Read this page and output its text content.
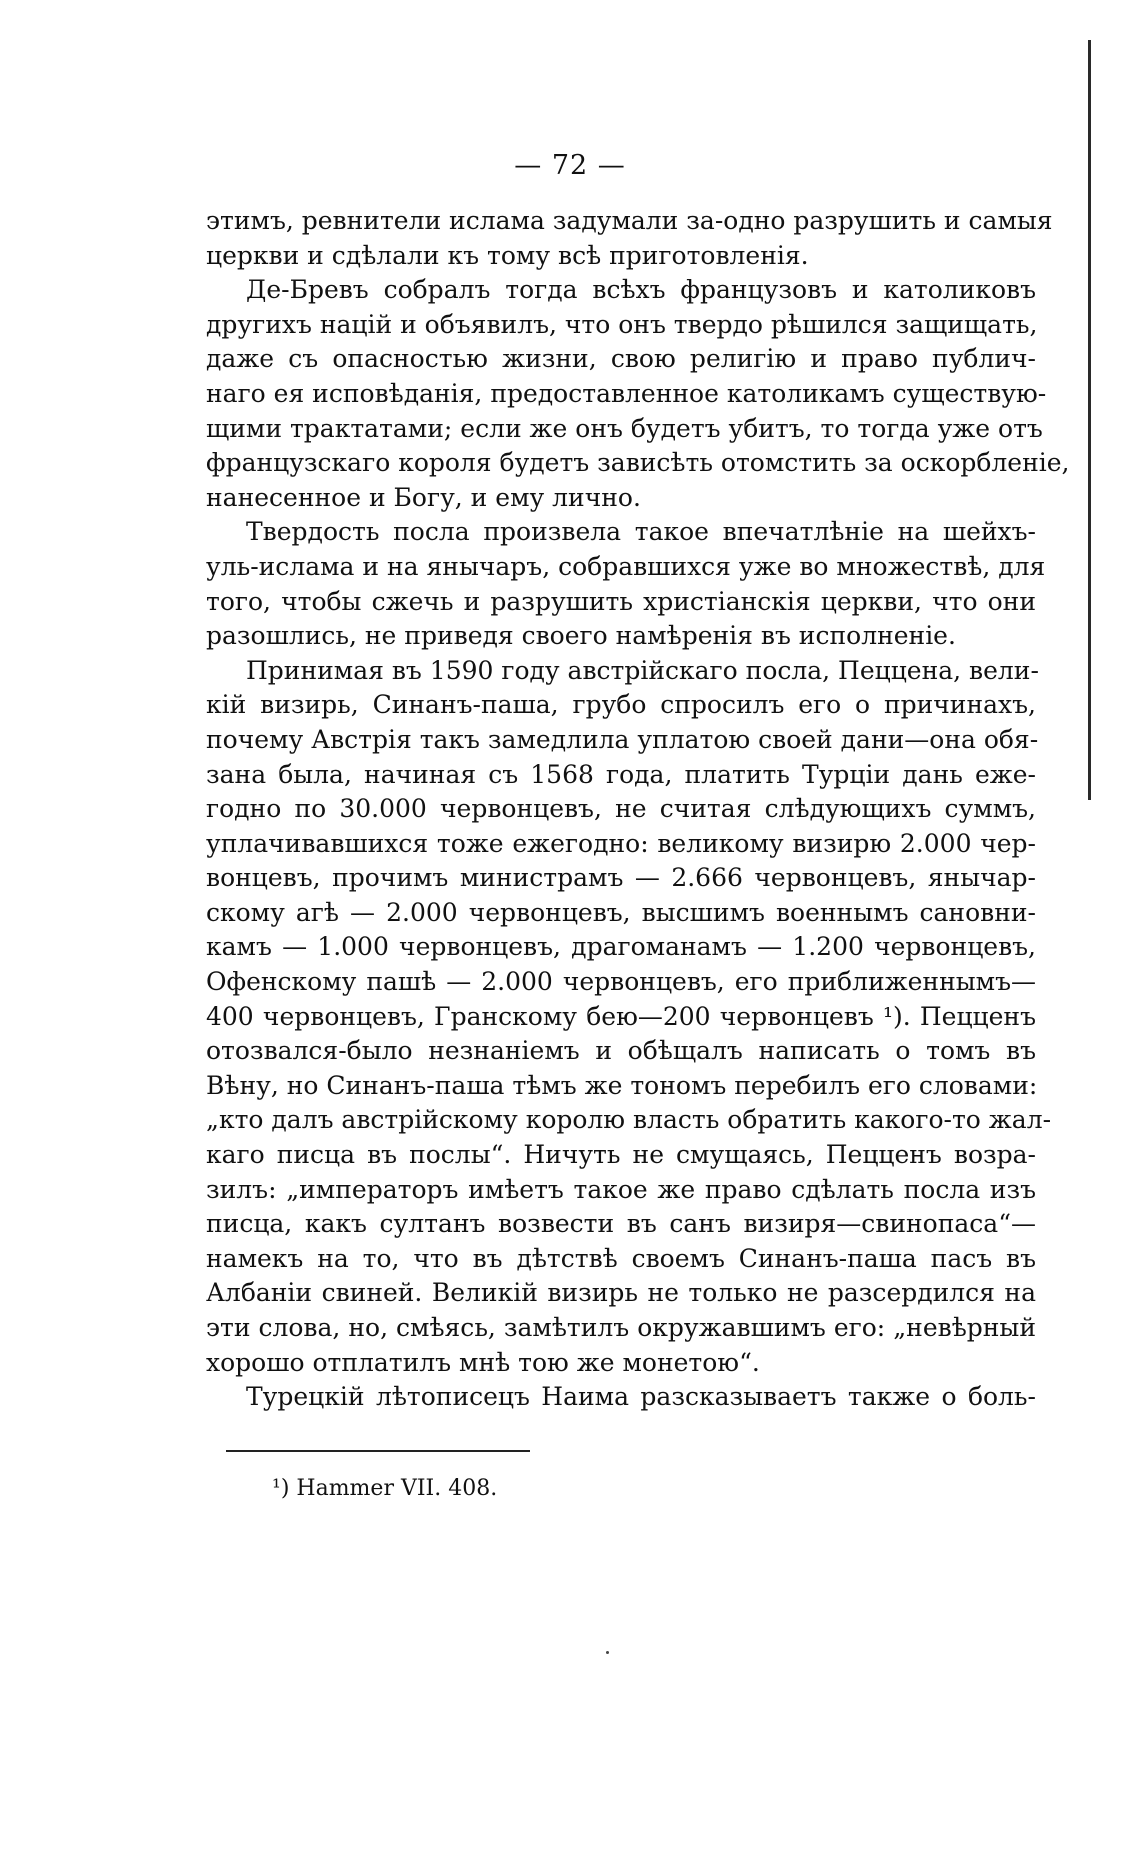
— 72 —
этимъ, ревнители ислама задумали за-одно разрушить и самыя
церкви и сдѣлали къ тому всѣ приготовленія.
Де-Бревъ собралъ тогда всѣхъ французовъ и католиковъ
другихъ націй и объявилъ, что онъ твердо рѣшился защищать,
даже съ опасностью жизни, свою религію и право публич-
наго ея исповѣданія, предоставленное католикамъ существую-
щими трактатами; если же онъ будетъ убитъ, то тогда уже отъ
французскаго короля будетъ зависѣть отомстить за оскорбленіе,
нанесенное и Богу, и ему лично.
Твердость посла произвела такое впечатлѣніе на шейхъ-
уль-ислама и на янычаръ, собравшихся уже во множествѣ, для
того, чтобы сжечь и разрушить христіанскія церкви, что они
разошлись, не приведя своего намѣренія въ исполненіе.
Принимая въ 1590 году австрійскаго посла, Пеццена, вели-
кій визирь, Синанъ-паша, грубо спросилъ его о причинахъ,
почему Австрія такъ замедлила уплатою своей дани—она обя-
зана была, начиная съ 1568 года, платить Турціи дань еже-
годно по 30.000 червонцевъ, не считая слѣдующихъ суммъ,
уплачивавшихся тоже ежегодно: великому визирю 2.000 чер-
вонцевъ, прочимъ министрамъ — 2.666 червонцевъ, янычар-
скому агѣ — 2.000 червонцевъ, высшимъ военнымъ сановни-
камъ — 1.000 червонцевъ, драгоманамъ — 1.200 червонцевъ,
Офенскому пашѣ — 2.000 червонцевъ, его приближеннымъ—
400 червонцевъ, Гранскому бею—200 червонцевъ ¹). Пецценъ
отозвался-было незнаніемъ и обѣщалъ написать о томъ въ
Вѣну, но Синанъ-паша тѣмъ же тономъ перебилъ его словами:
„кто далъ австрійскому королю власть обратить какого-то жал-
каго писца въ послы“. Ничуть не смущаясь, Пецценъ возра-
зилъ: „императоръ имѣетъ такое же право сдѣлать посла изъ
писца, какъ султанъ возвести въ санъ визиря—свинопаса“—
намекъ на то, что въ дѣтствѣ своемъ Синанъ-паша пасъ въ
Албаніи свиней. Великій визирь не только не разсердился на
эти слова, но, смѣясь, замѣтилъ окружавшимъ его: „невѣрный
хорошо отплатилъ мнѣ тою же монетою“.
Турецкій лѣтописецъ Наима разсказываетъ также о боль-
¹) Hammer VII. 408.
